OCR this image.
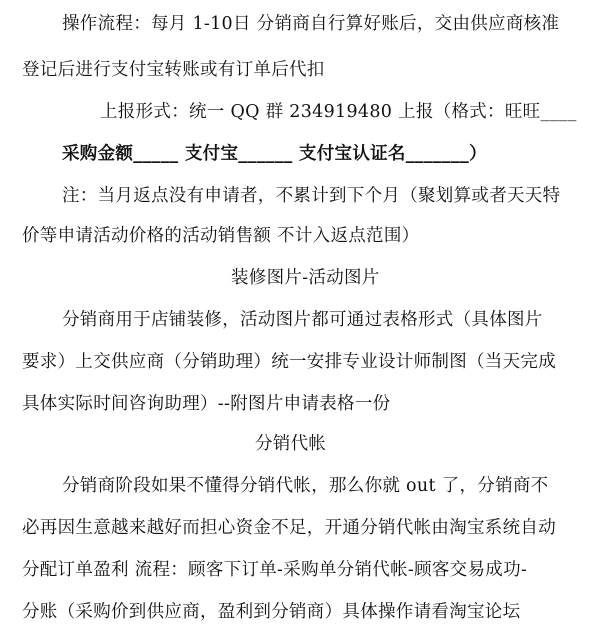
操作流程：每月 1-10日 分销商自行算好账后，交由供应商核准
登记后进行支付宝转账或有订单后代扣
上报形式：统一 QQ 群 234919480 上报（格式：旺旺____
采购金额_____ 支付宝______ 支付宝认证名_______）
注：当月返点没有申请者，不累计到下个月（聚划算或者天天特
价等申请活动价格的活动销售额 不计入返点范围）
装修图片-活动图片
分销商用于店铺装修，活动图片都可通过表格形式（具体图片
要求）上交供应商（分销助理）统一安排专业设计师制图（当天完成
具体实际时间咨询助理）--附图片申请表格一份
分销代帐
分销商阶段如果不懂得分销代帐，那么你就 out 了，分销商不
必再因生意越来越好而担心资金不足，开通分销代帐由淘宝系统自动
分配订单盈利 流程：顾客下订单-采购单分销代帐-顾客交易成功-
分账（采购价到供应商，盈利到分销商）具体操作请看淘宝论坛
